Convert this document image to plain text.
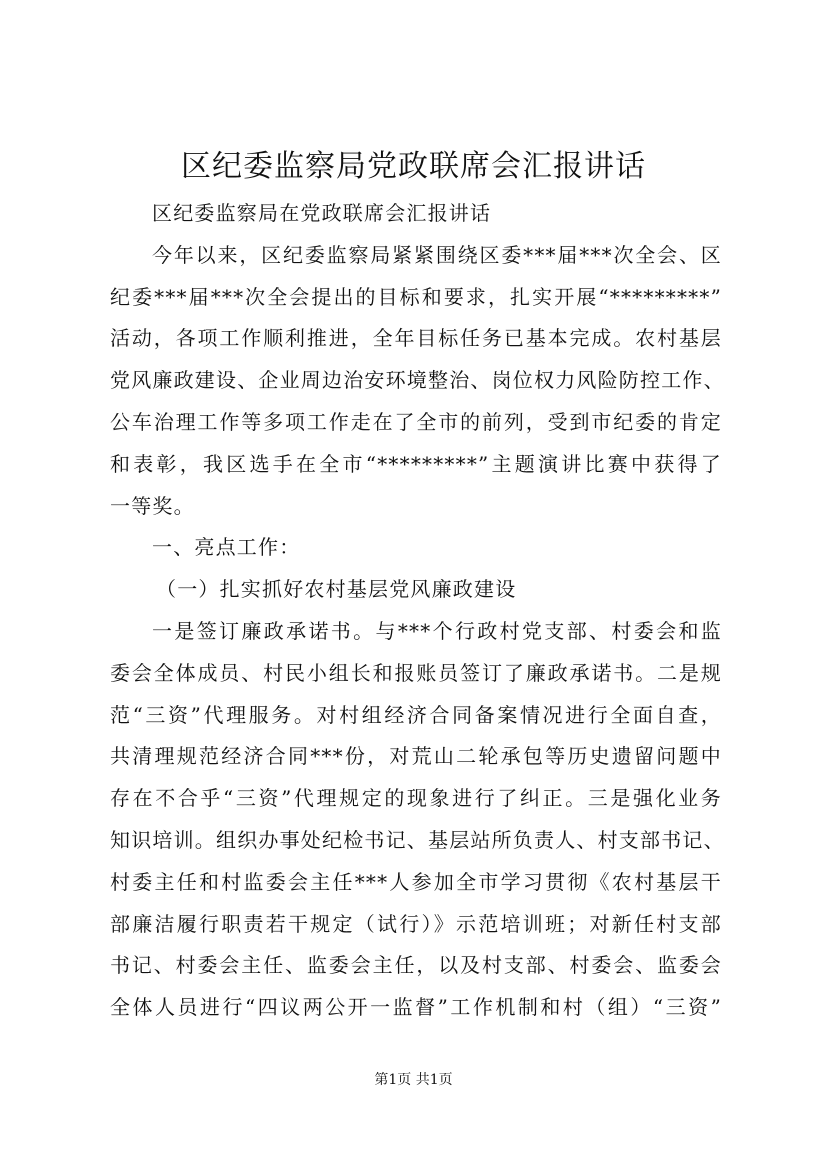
区纪委监察局党政联席会汇报讲话
区纪委监察局在党政联席会汇报讲话
今年以来，区纪委监察局紧紧围绕区委***届***次全会、区
纪委***届***次全会提出的目标和要求，扎实开展“*********”
活动，各项工作顺利推进，全年目标任务已基本完成。农村基层
党风廉政建设、企业周边治安环境整治、岗位权力风险防控工作、
公车治理工作等多项工作走在了全市的前列，受到市纪委的肯定
和表彰，我区选手在全市“*********”主题演讲比赛中获得了
一等奖。
一、亮点工作：
（一）扎实抓好农村基层党风廉政建设
一是签订廉政承诺书。与***个行政村党支部、村委会和监
委会全体成员、村民小组长和报账员签订了廉政承诺书。二是规
范“三资”代理服务。对村组经济合同备案情况进行全面自查，
共清理规范经济合同***份，对荒山二轮承包等历史遗留问题中
存在不合乎“三资”代理规定的现象进行了纠正。三是强化业务
知识培训。组织办事处纪检书记、基层站所负责人、村支部书记、
村委主任和村监委会主任***人参加全市学习贯彻《农村基层干
部廉洁履行职责若干规定（试行）》示范培训班；对新任村支部
书记、村委会主任、监委会主任，以及村支部、村委会、监委会
全体人员进行“四议两公开一监督”工作机制和村（组）“三资”
第1页 共1页
